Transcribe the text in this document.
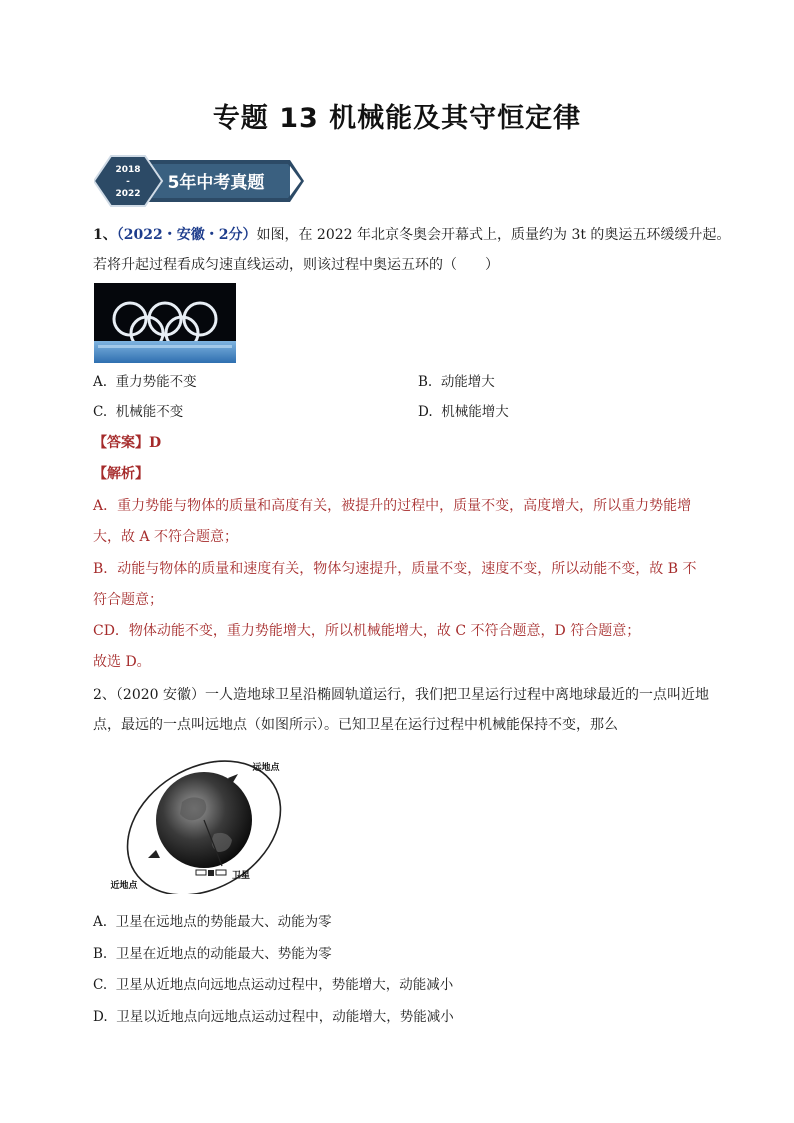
专题 13 机械能及其守恒定律
2018
-
2022
5年中考真题
1、（2022・安徽・2分）如图，在 2022 年北京冬奥会开幕式上，质量约为 3t 的奥运五环缓缓升起。
若将升起过程看成匀速直线运动，则该过程中奥运五环的（　　）
A. 重力势能不变	B. 动能增大
C. 机械能不变	D. 机械能增大
【答案】D
【解析】
A．重力势能与物体的质量和高度有关，被提升的过程中，质量不变，高度增大，所以重力势能增
大，故 A 不符合题意；
B．动能与物体的质量和速度有关，物体匀速提升，质量不变，速度不变，所以动能不变，故 B 不
符合题意；
CD．物体动能不变，重力势能增大，所以机械能增大，故 C 不符合题意，D 符合题意；
故选 D。
2、（2020 安徽）一人造地球卫星沿椭圆轨道运行，我们把卫星运行过程中离地球最近的一点叫近地
点，最远的一点叫远地点（如图所示）。已知卫星在运行过程中机械能保持不变，那么
远地点
近地点
卫星
A. 卫星在远地点的势能最大、动能为零
B. 卫星在近地点的动能最大、势能为零
C. 卫星从近地点向远地点运动过程中，势能增大，动能减小
D. 卫星以近地点向远地点运动过程中，动能增大，势能减小
